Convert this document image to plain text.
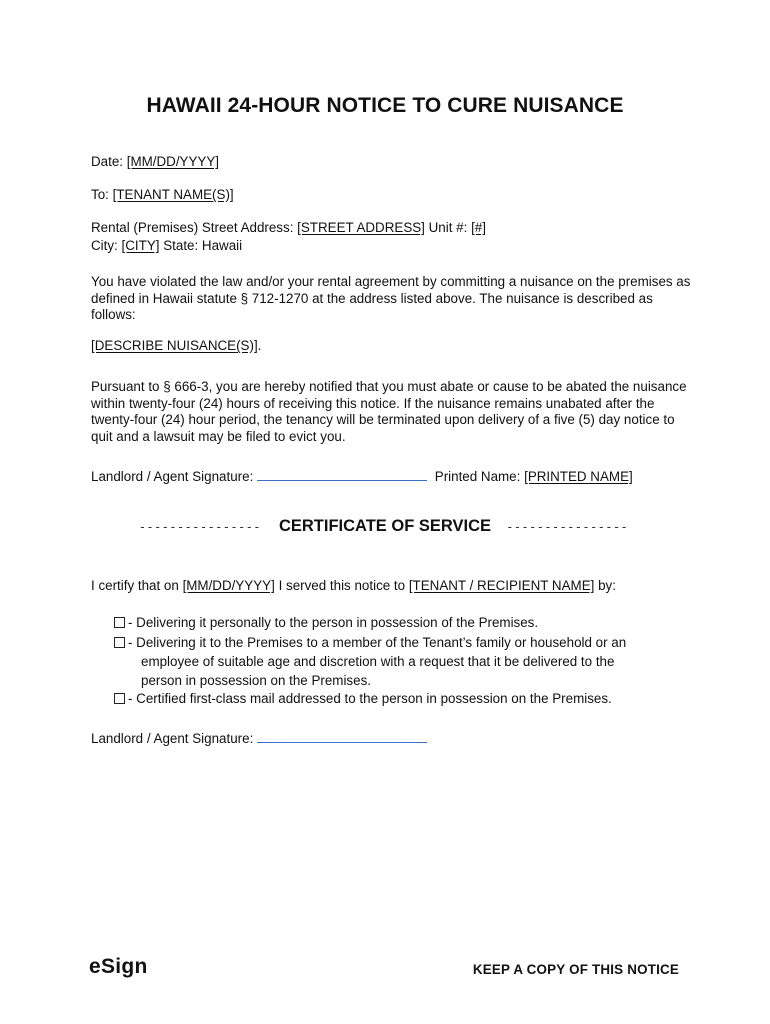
HAWAII 24-HOUR NOTICE TO CURE NUISANCE
Date: [MM/DD/YYYY]
To: [TENANT NAME(S)]
Rental (Premises) Street Address: [STREET ADDRESS] Unit #: [#]
City: [CITY] State: Hawaii
You have violated the law and/or your rental agreement by committing a nuisance on the premises as defined in Hawaii statute § 712-1270 at the address listed above. The nuisance is described as follows:
[DESCRIBE NUISANCE(S)].
Pursuant to § 666-3, you are hereby notified that you must abate or cause to be abated the nuisance within twenty-four (24) hours of receiving this notice. If the nuisance remains unabated after the twenty-four (24) hour period, the tenancy will be terminated upon delivery of a five (5) day notice to quit and a lawsuit may be filed to evict you.
Landlord / Agent Signature:	Printed Name: [PRINTED NAME]
---------------- CERTIFICATE OF SERVICE ----------------
I certify that on [MM/DD/YYYY] I served this notice to [TENANT / RECIPIENT NAME] by:
- Delivering it personally to the person in possession of the Premises.
- Delivering it to the Premises to a member of the Tenant’s family or household or an
employee of suitable age and discretion with a request that it be delivered to the
person in possession on the Premises.
- Certified first-class mail addressed to the person in possession on the Premises.
Landlord / Agent Signature:
eSign	KEEP A COPY OF THIS NOTICE
